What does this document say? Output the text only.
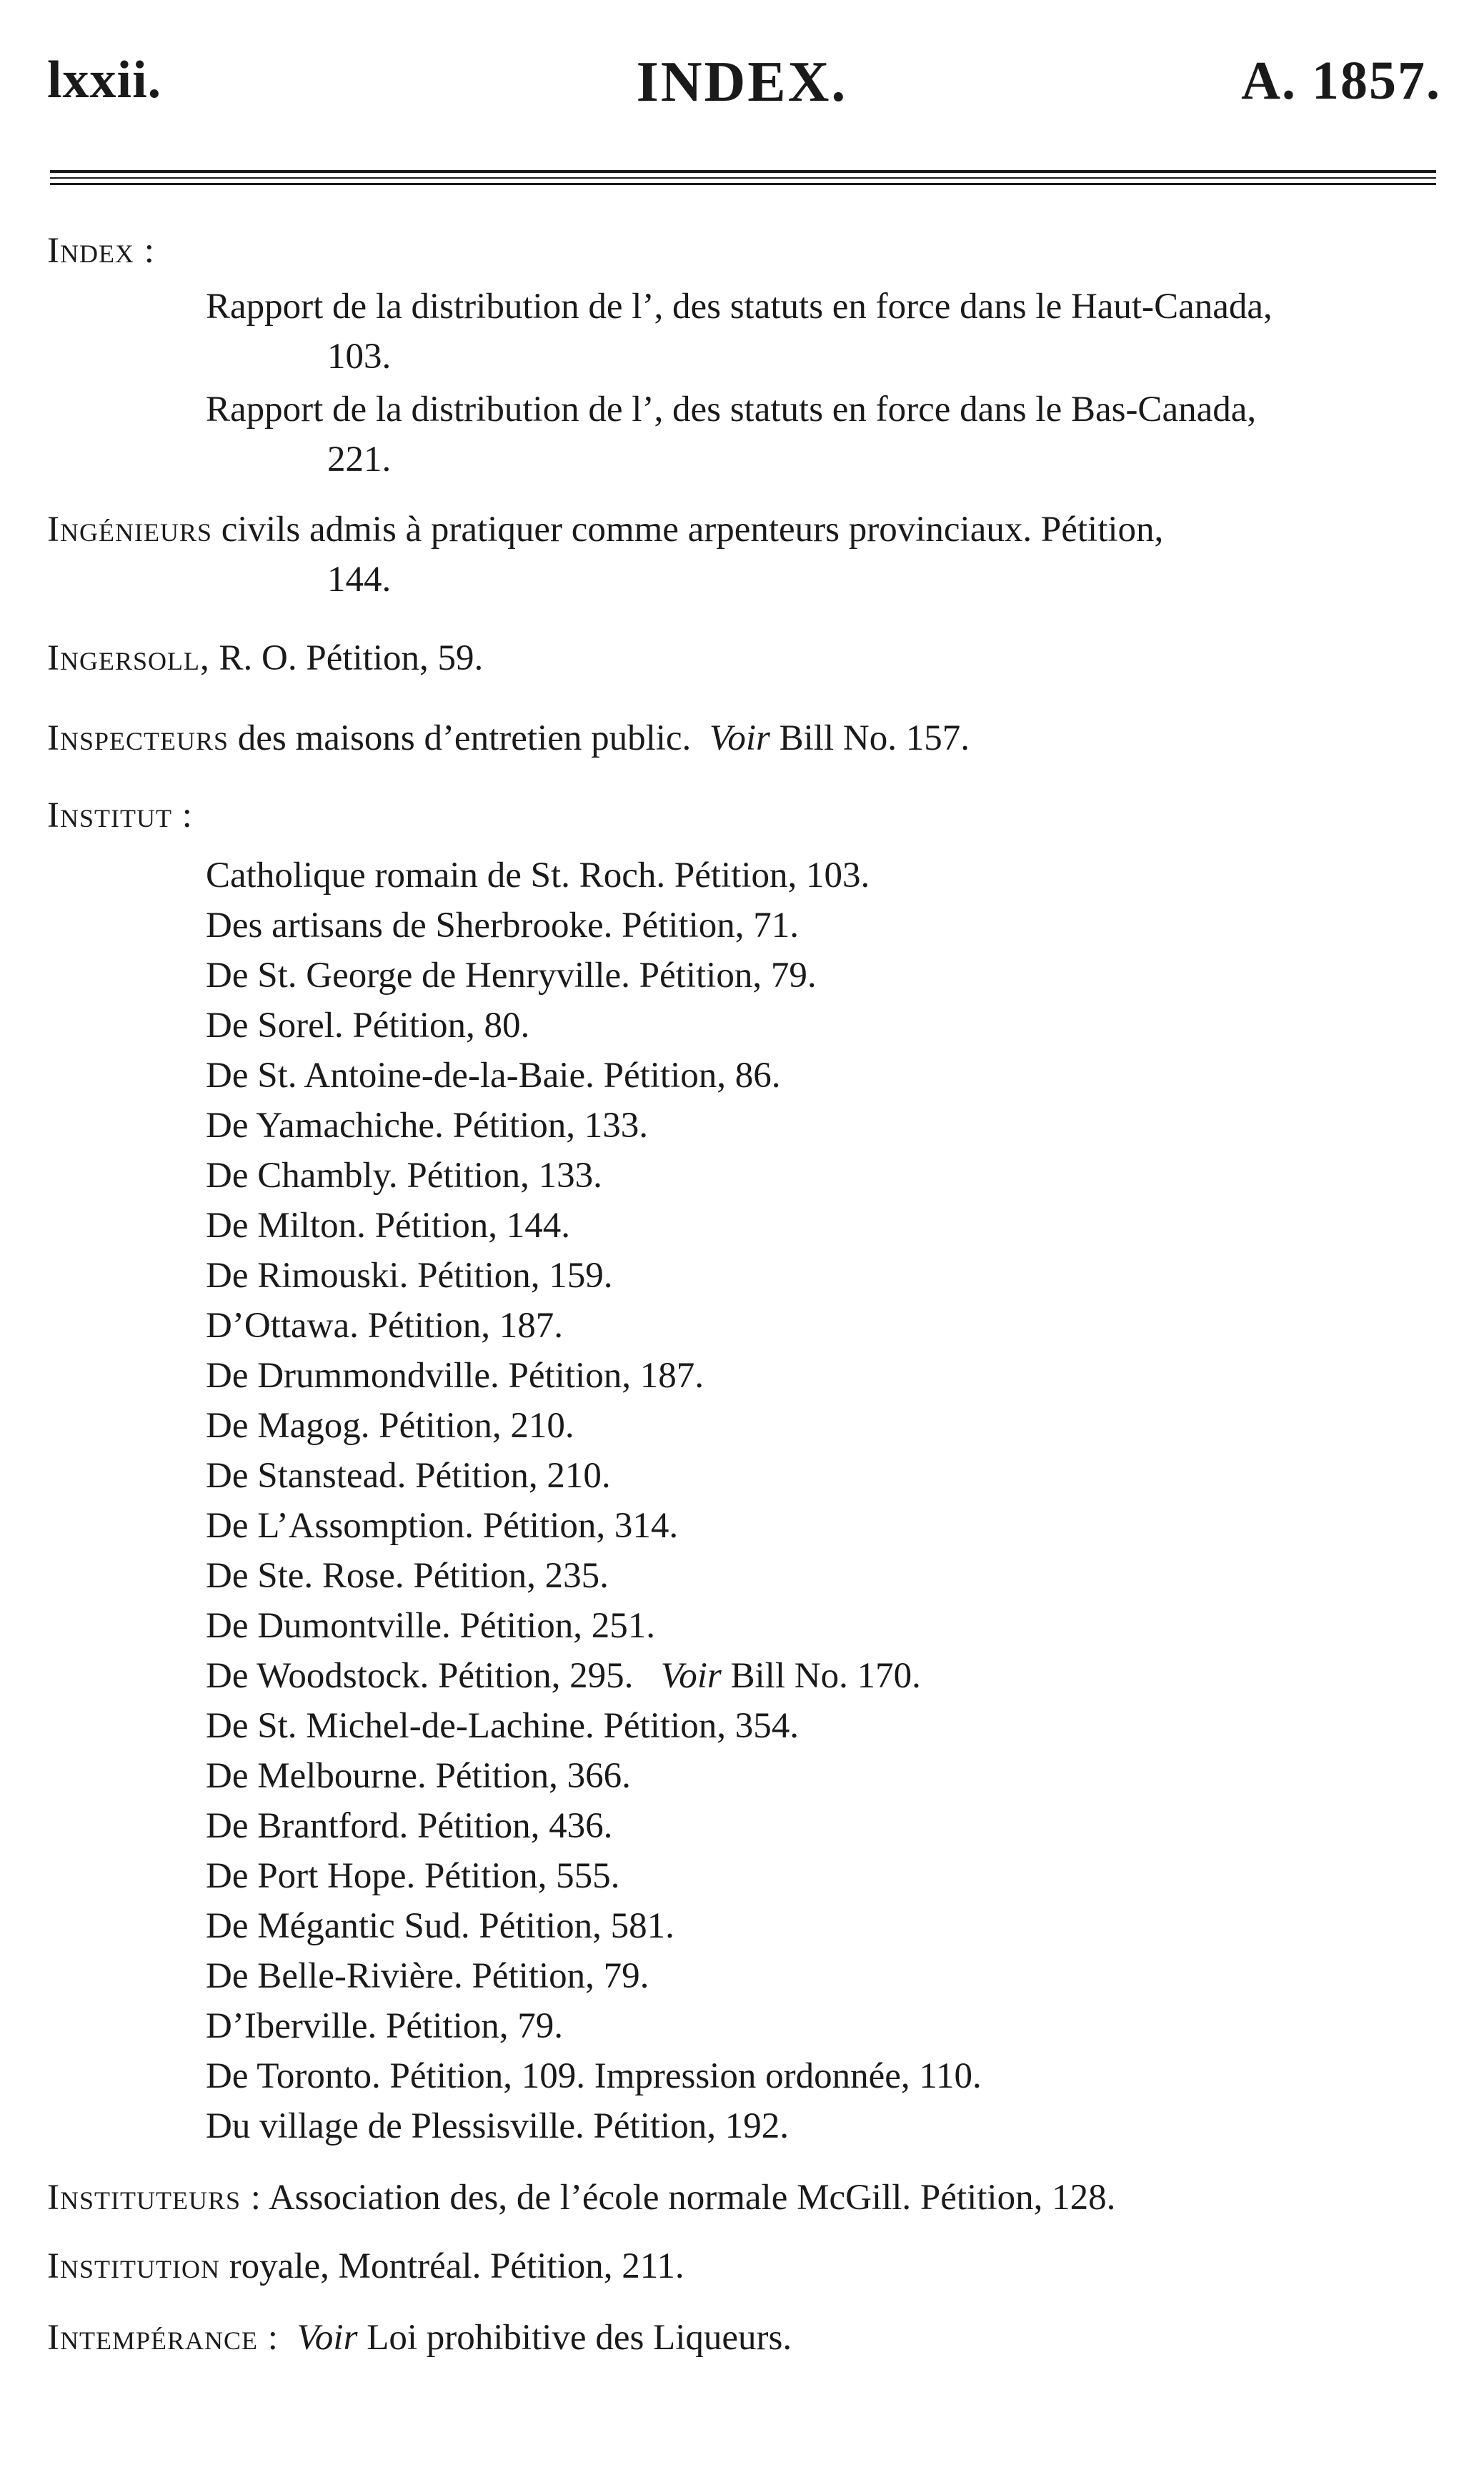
INDEX.
lxxii.	A. 1857.
Index :
Rapport de la distribution de l’, des statuts en force dans le Haut-Canada,
103.
Rapport de la distribution de l’, des statuts en force dans le Bas-Canada,
221.
Ingénieurs civils admis à pratiquer comme arpenteurs provinciaux. Pétition,
144.
Ingersoll, R. O. Pétition, 59.
Inspecteurs des maisons d’entretien public. Voir Bill No. 157.
Institut :
Catholique romain de St. Roch. Pétition, 103.
Des artisans de Sherbrooke. Pétition, 71.
De St. George de Henryville. Pétition, 79.
De Sorel. Pétition, 80.
De St. Antoine-de-la-Baie. Pétition, 86.
De Yamachiche. Pétition, 133.
De Chambly. Pétition, 133.
De Milton. Pétition, 144.
De Rimouski. Pétition, 159.
D’Ottawa. Pétition, 187.
De Drummondville. Pétition, 187.
De Magog. Pétition, 210.
De Stanstead. Pétition, 210.
De L’Assomption. Pétition, 314.
De Ste. Rose. Pétition, 235.
De Dumontville. Pétition, 251.
De Woodstock. Pétition, 295. Voir Bill No. 170.
De St. Michel-de-Lachine. Pétition, 354.
De Melbourne. Pétition, 366.
De Brantford. Pétition, 436.
De Port Hope. Pétition, 555.
De Mégantic Sud. Pétition, 581.
De Belle-Rivière. Pétition, 79.
D’Iberville. Pétition, 79.
De Toronto. Pétition, 109. Impression ordonnée, 110.
Du village de Plessisville. Pétition, 192.
Instituteurs : Association des, de l’école normale McGill. Pétition, 128.
Institution royale, Montréal. Pétition, 211.
Intempérance : Voir Loi prohibitive des Liqueurs.
